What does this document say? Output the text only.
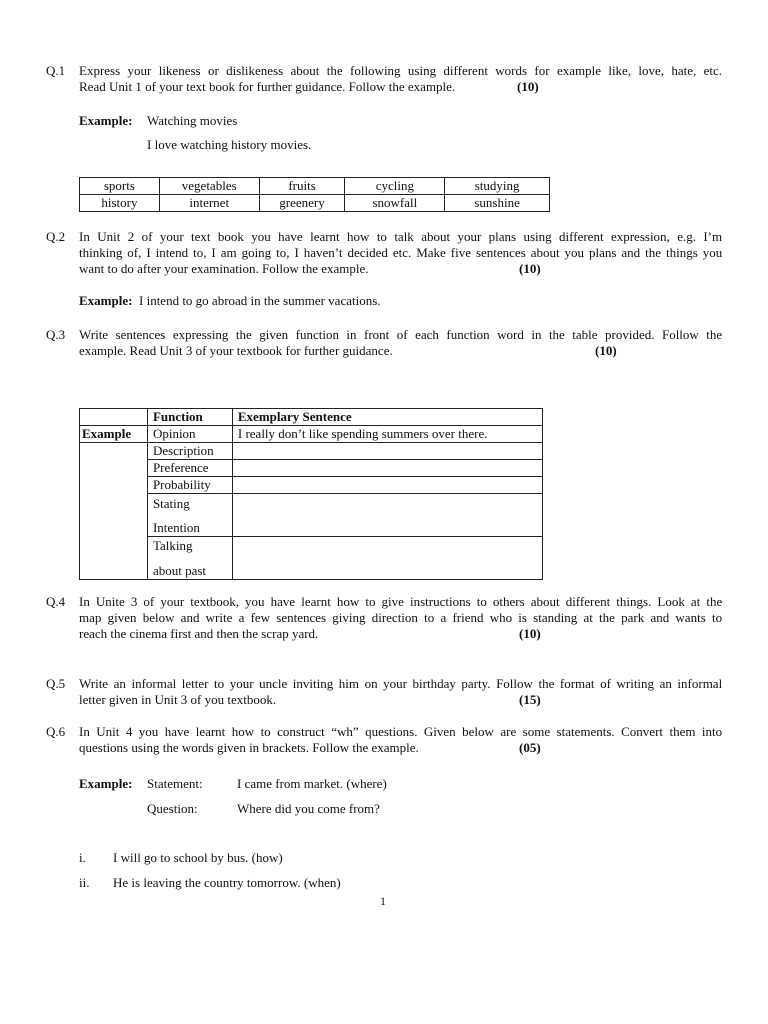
Q.1 Express your likeness or dislikeness about the following using different words for example like, love, hate, etc.
Read Unit 1 of your text book for further guidance. Follow the example.	(10)
Example: Watching movies
I love watching history movies.
sports	vegetables	fruits	cycling	studying
history	internet	greenery	snowfall	sunshine
Q.2 In Unit 2 of your text book you have learnt how to talk about your plans using different expression, e.g. I’m
thinking of, I intend to, I am going to, I haven’t decided etc. Make five sentences about you plans and the things you
want to do after your examination. Follow the example.	(10)
Example: I intend to go abroad in the summer vacations.
Q.3 Write sentences expressing the given function in front of each function word in the table provided. Follow the
example. Read Unit 3 of your textbook for further guidance.	(10)
	Function	Exemplary Sentence
Example	Opinion	I really don’t like spending summers over there.
	Description	
	Preference	
	Probability	

	Stating
Intention	

	Talking
about past	

Q.4 In Unite 3 of your textbook, you have learnt how to give instructions to others about different things. Look at the
map given below and write a few sentences giving direction to a friend who is standing at the park and wants to
reach the cinema first and then the scrap yard.	(10)
Q.5 Write an informal letter to your uncle inviting him on your birthday party. Follow the format of writing an informal
letter given in Unit 3 of you textbook.	(15)
Q.6 In Unit 4 you have learnt how to construct “wh” questions. Given below are some statements. Convert them into
questions using the words given in brackets. Follow the example.	(05)
Example: Statement:	I came from market. (where)
Question:	Where did you come from?
i. I will go to school by bus. (how)
ii. He is leaving the country tomorrow. (when)
1
